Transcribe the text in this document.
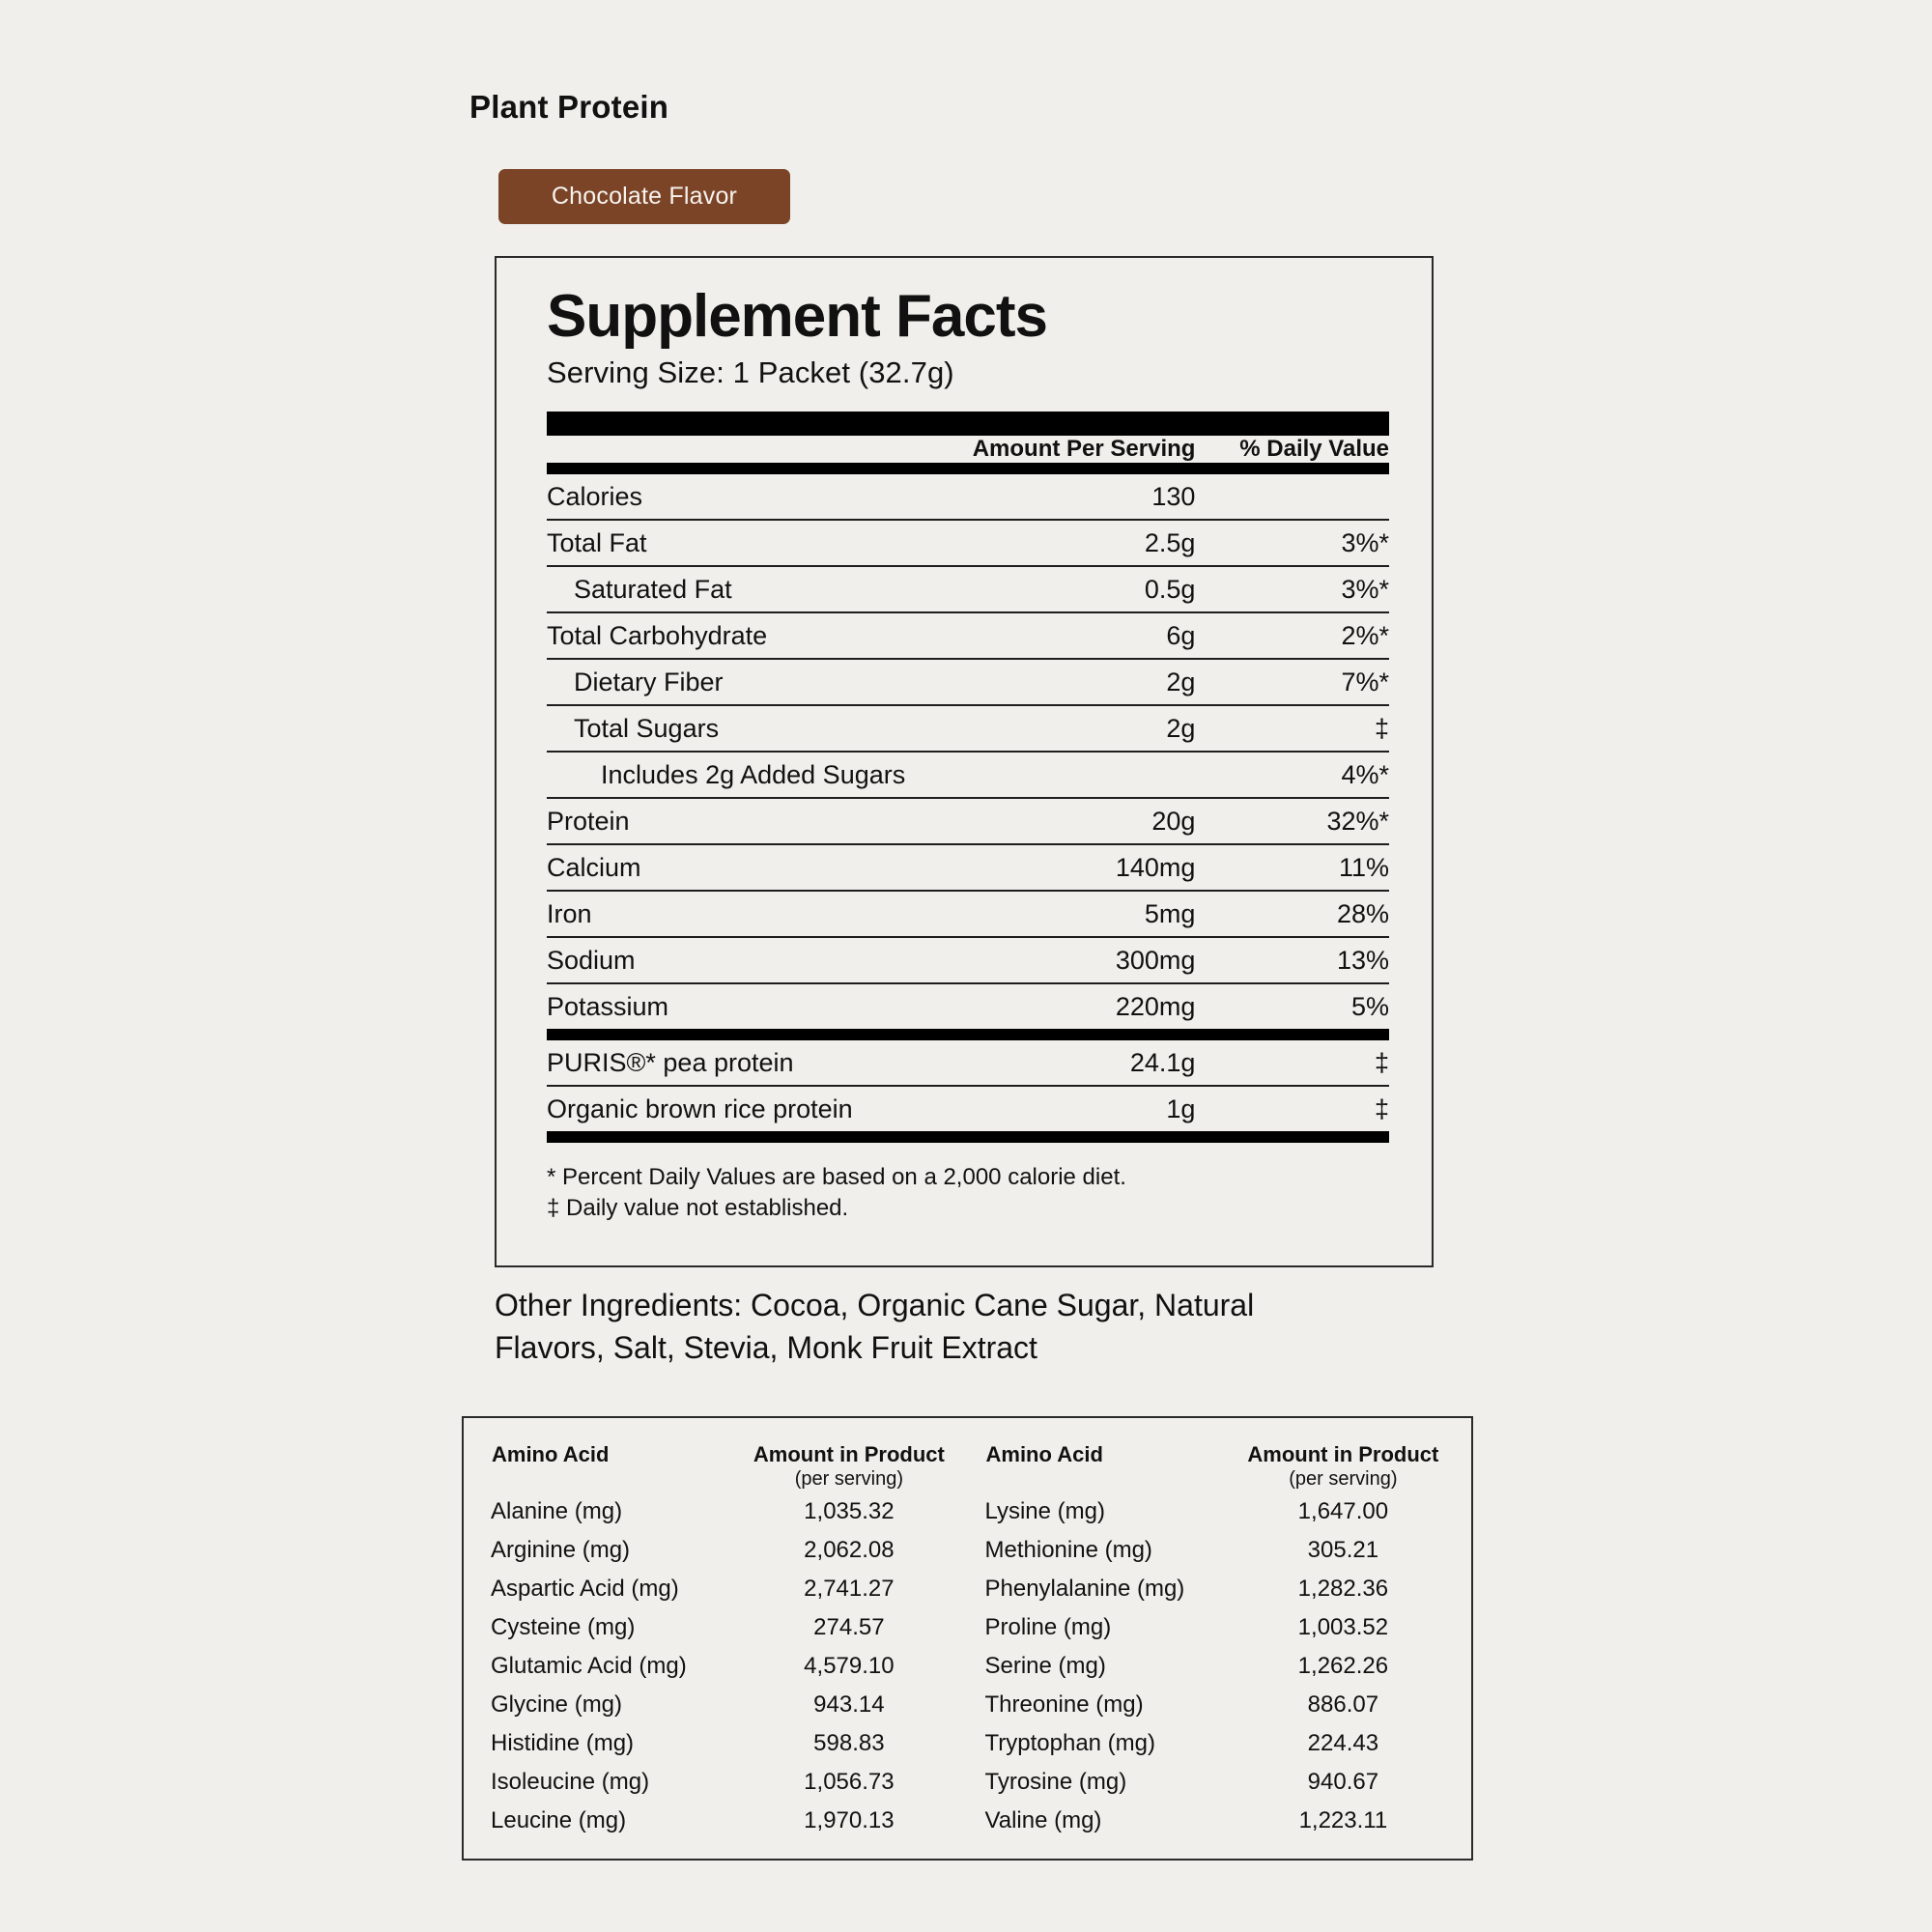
Plant Protein
Chocolate Flavor
Supplement Facts
Serving Size: 1 Packet (32.7g)
	Amount Per Serving	% Daily Value
Calories	130	
Total Fat	2.5g	3%*
Saturated Fat	0.5g	3%*
Total Carbohydrate	6g	2%*
Dietary Fiber	2g	7%*
Total Sugars	2g	‡
Includes 2g Added Sugars		4%*
Protein	20g	32%*
Calcium	140mg	11%
Iron	5mg	28%
Sodium	300mg	13%
Potassium	220mg	5%
PURIS®* pea protein	24.1g	‡
Organic brown rice protein	1g	‡
* Percent Daily Values are based on a 2,000 calorie diet.
‡ Daily value not established.
Other Ingredients: Cocoa, Organic Cane Sugar, Natural Flavors, Salt, Stevia, Monk Fruit Extract
Amino Acid	Amount in Product
(per serving)

Alanine (mg)	1,035.32
Arginine (mg)	2,062.08
Aspartic Acid (mg)	2,741.27
Cysteine (mg)	274.57
Glutamic Acid (mg)	4,579.10
Glycine (mg)	943.14
Histidine (mg)	598.83
Isoleucine (mg)	1,056.73
Leucine (mg)	1,970.13
Amino Acid	Amount in Product
(per serving)

Lysine (mg)	1,647.00
Methionine (mg)	305.21
Phenylalanine (mg)	1,282.36
Proline (mg)	1,003.52
Serine (mg)	1,262.26
Threonine (mg)	886.07
Tryptophan (mg)	224.43
Tyrosine (mg)	940.67
Valine (mg)	1,223.11
